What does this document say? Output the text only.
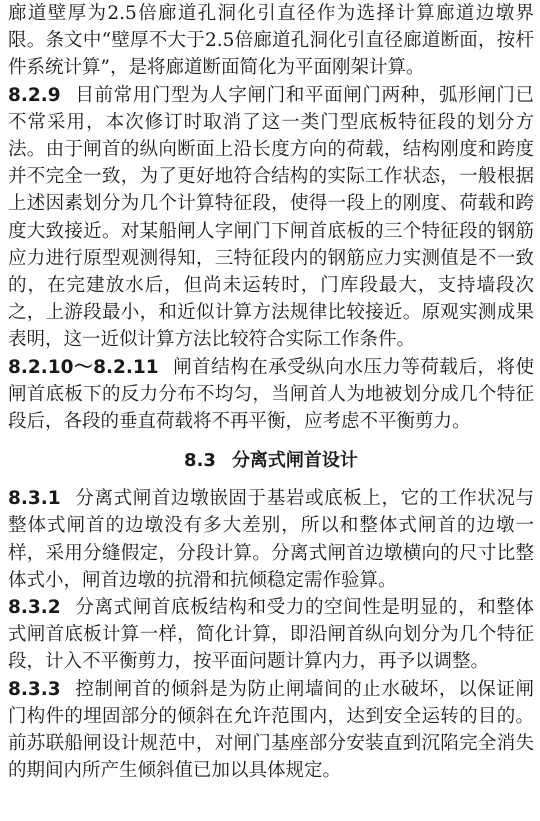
廊道壁厚为2.5倍廊道孔洞化引直径作为选择计算廊道边墩界限。条文中“壁厚不大于2.5倍廊道孔洞化引直径廊道断面，按杆件系统计算”，是将廊道断面简化为平面刚架计算。

8.2.9 目前常用门型为人字闸门和平面闸门两种，弧形闸门已不常采用，本次修订时取消了这一类门型底板特征段的划分方法。由于闸首的纵向断面上沿长度方向的荷载，结构刚度和跨度并不完全一致，为了更好地符合结构的实际工作状态，一般根据上述因素划分为几个计算特征段，使得一段上的刚度、荷载和跨度大致接近。对某船闸人字闸门下闸首底板的三个特征段的钢筋应力进行原型观测得知，三特征段内的钢筋应力实测值是不一致的，在完建放水后，但尚未运转时，门库段最大，支持墙段次之，上游段最小，和近似计算方法规律比较接近。原观实测成果表明，这一近似计算方法比较符合实际工作条件。

8.2.10～8.2.11 闸首结构在承受纵向水压力等荷载后，将使闸首底板下的反力分布不均匀，当闸首人为地被划分成几个特征段后，各段的垂直荷载将不再平衡，应考虑不平衡剪力。

8.3 分离式闸首设计

8.3.1 分离式闸首边墩嵌固于基岩或底板上，它的工作状况与整体式闸首的边墩没有多大差别，所以和整体式闸首的边墩一样，采用分缝假定，分段计算。分离式闸首边墩横向的尺寸比整体式小，闸首边墩的抗滑和抗倾稳定需作验算。

8.3.2 分离式闸首底板结构和受力的空间性是明显的，和整体式闸首底板计算一样，简化计算，即沿闸首纵向划分为几个特征段，计入不平衡剪力，按平面问题计算内力，再予以调整。

8.3.3 控制闸首的倾斜是为防止闸墙间的止水破坏，以保证闸门构件的埋固部分的倾斜在允许范围内，达到安全运转的目的。前苏联船闸设计规范中，对闸门基座部分安装直到沉陷完全消失的期间内所产生倾斜值已加以具体规定。
